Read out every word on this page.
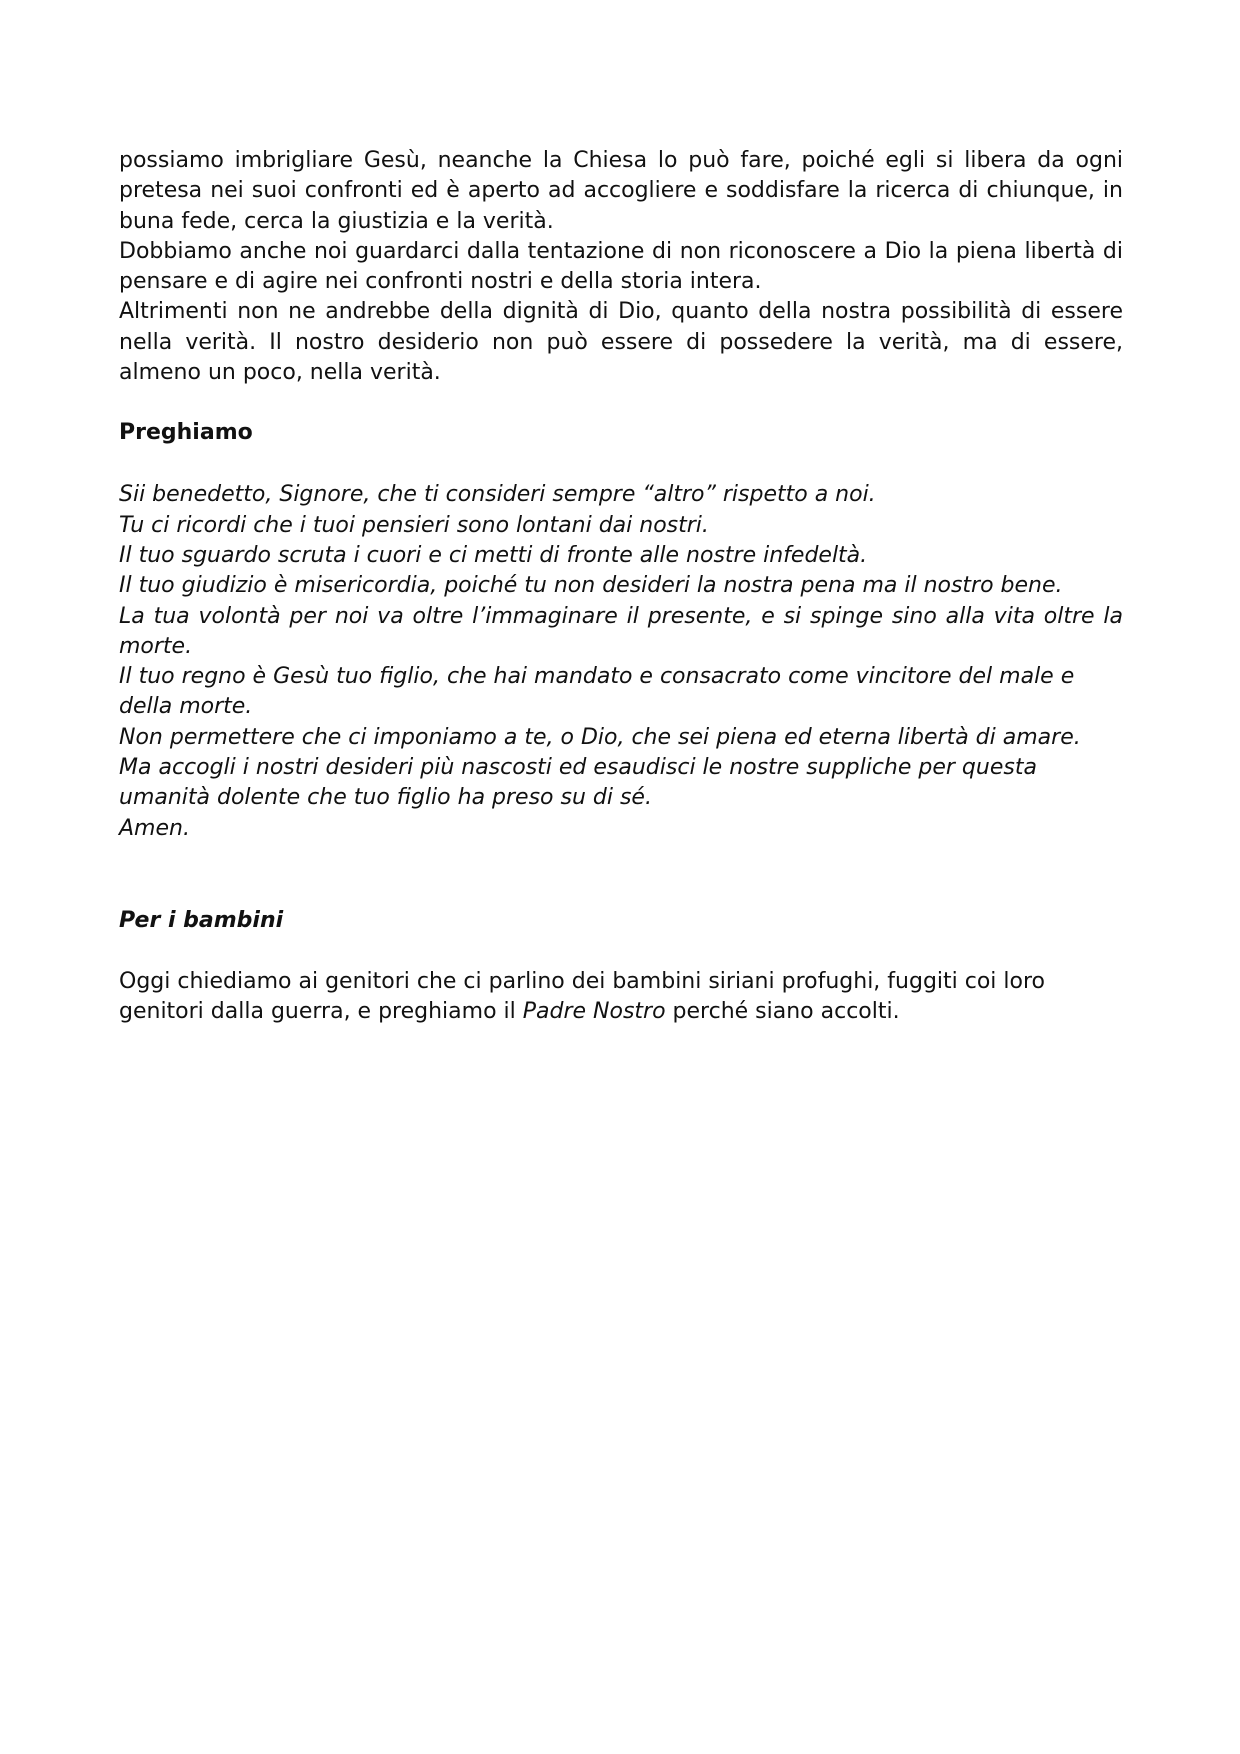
possiamo imbrigliare Gesù, neanche la Chiesa lo può fare, poiché egli si libera da ogni pretesa nei suoi confronti ed è aperto ad accogliere e soddisfare la ricerca di chiunque, in buna fede, cerca la giustizia e la verità.

Dobbiamo anche noi guardarci dalla tentazione di non riconoscere a Dio la piena libertà di pensare e di agire nei confronti nostri e della storia intera.

Altrimenti non ne andrebbe della dignità di Dio, quanto della nostra possibilità di essere nella verità. Il nostro desiderio non può essere di possedere la verità, ma di essere, almeno un poco, nella verità.

Preghiamo

Sii benedetto, Signore, che ti consideri sempre “altro” rispetto a noi.

Tu ci ricordi che i tuoi pensieri sono lontani dai nostri.

Il tuo sguardo scruta i cuori e ci metti di fronte alle nostre infedeltà.

Il tuo giudizio è misericordia, poiché tu non desideri la nostra pena ma il nostro bene.

La tua volontà per noi va oltre l’immaginare il presente, e si spinge sino alla vita oltre la morte.

Il tuo regno è Gesù tuo figlio, che hai mandato e consacrato come vincitore del male e della morte.

Non permettere che ci imponiamo a te, o Dio, che sei piena ed eterna libertà di amare.

Ma accogli i nostri desideri più nascosti ed esaudisci le nostre suppliche per questa umanità dolente che tuo figlio ha preso su di sé.

Amen.

Per i bambini

Oggi chiediamo ai genitori che ci parlino dei bambini siriani profughi, fuggiti coi loro genitori dalla guerra, e preghiamo il Padre Nostro perché siano accolti.
